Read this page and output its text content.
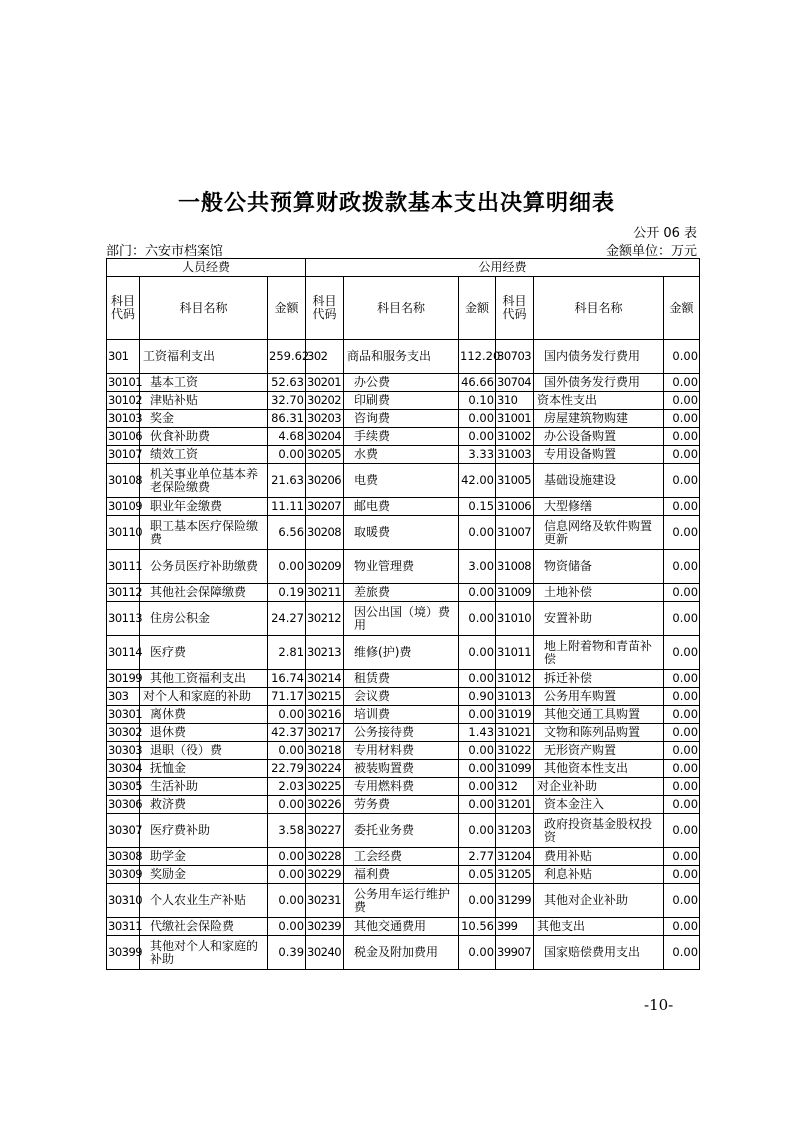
一般公共预算财政拨款基本支出决算明细表
公开 06 表
部门：六安市档案馆	金额单位：万元
人员经费			公用经费					
科目代码	科目名称	金额	科目代码	科目名称	金额	科目代码	科目名称	金额
301	工资福利支出	259.62	302	商品和服务支出	112.20	30703	国内债务发行费用	0.00
30101	基本工资	52.63	30201	办公费	46.66	30704	国外债务发行费用	0.00
30102	津贴补贴	32.70	30202	印刷费	0.10	310	资本性支出	0.00
30103	奖金	86.31	30203	咨询费	0.00	31001	房屋建筑物购建	0.00
30106	伙食补助费	4.68	30204	手续费	0.00	31002	办公设备购置	0.00
30107	绩效工资	0.00	30205	水费	3.33	31003	专用设备购置	0.00
30108	机关事业单位基本养老保险缴费	21.63	30206	电费	42.00	31005	基础设施建设	0.00
30109	职业年金缴费	11.11	30207	邮电费	0.15	31006	大型修缮	0.00
30110	职工基本医疗保险缴费	6.56	30208	取暖费	0.00	31007	信息网络及软件购置更新	0.00
30111	公务员医疗补助缴费	0.00	30209	物业管理费	3.00	31008	物资储备	0.00
30112	其他社会保障缴费	0.19	30211	差旅费	0.00	31009	土地补偿	0.00
30113	住房公积金	24.27	30212	因公出国（境）费用	0.00	31010	安置补助	0.00
30114	医疗费	2.81	30213	维修(护)费	0.00	31011	地上附着物和青苗补偿	0.00
30199	其他工资福利支出	16.74	30214	租赁费	0.00	31012	拆迁补偿	0.00
303	对个人和家庭的补助	71.17	30215	会议费	0.90	31013	公务用车购置	0.00
30301	离休费	0.00	30216	培训费	0.00	31019	其他交通工具购置	0.00
30302	退休费	42.37	30217	公务接待费	1.43	31021	文物和陈列品购置	0.00
30303	退职（役）费	0.00	30218	专用材料费	0.00	31022	无形资产购置	0.00
30304	抚恤金	22.79	30224	被装购置费	0.00	31099	其他资本性支出	0.00
30305	生活补助	2.03	30225	专用燃料费	0.00	312	对企业补助	0.00
30306	救济费	0.00	30226	劳务费	0.00	31201	资本金注入	0.00
30307	医疗费补助	3.58	30227	委托业务费	0.00	31203	政府投资基金股权投资	0.00
30308	助学金	0.00	30228	工会经费	2.77	31204	费用补贴	0.00
30309	奖励金	0.00	30229	福利费	0.05	31205	利息补贴	0.00
30310	个人农业生产补贴	0.00	30231	公务用车运行维护费	0.00	31299	其他对企业补助	0.00
30311	代缴社会保险费	0.00	30239	其他交通费用	10.56	399	其他支出	0.00
30399	其他对个人和家庭的补助	0.39	30240	税金及附加费用	0.00	39907	国家赔偿费用支出	0.00
-10-
